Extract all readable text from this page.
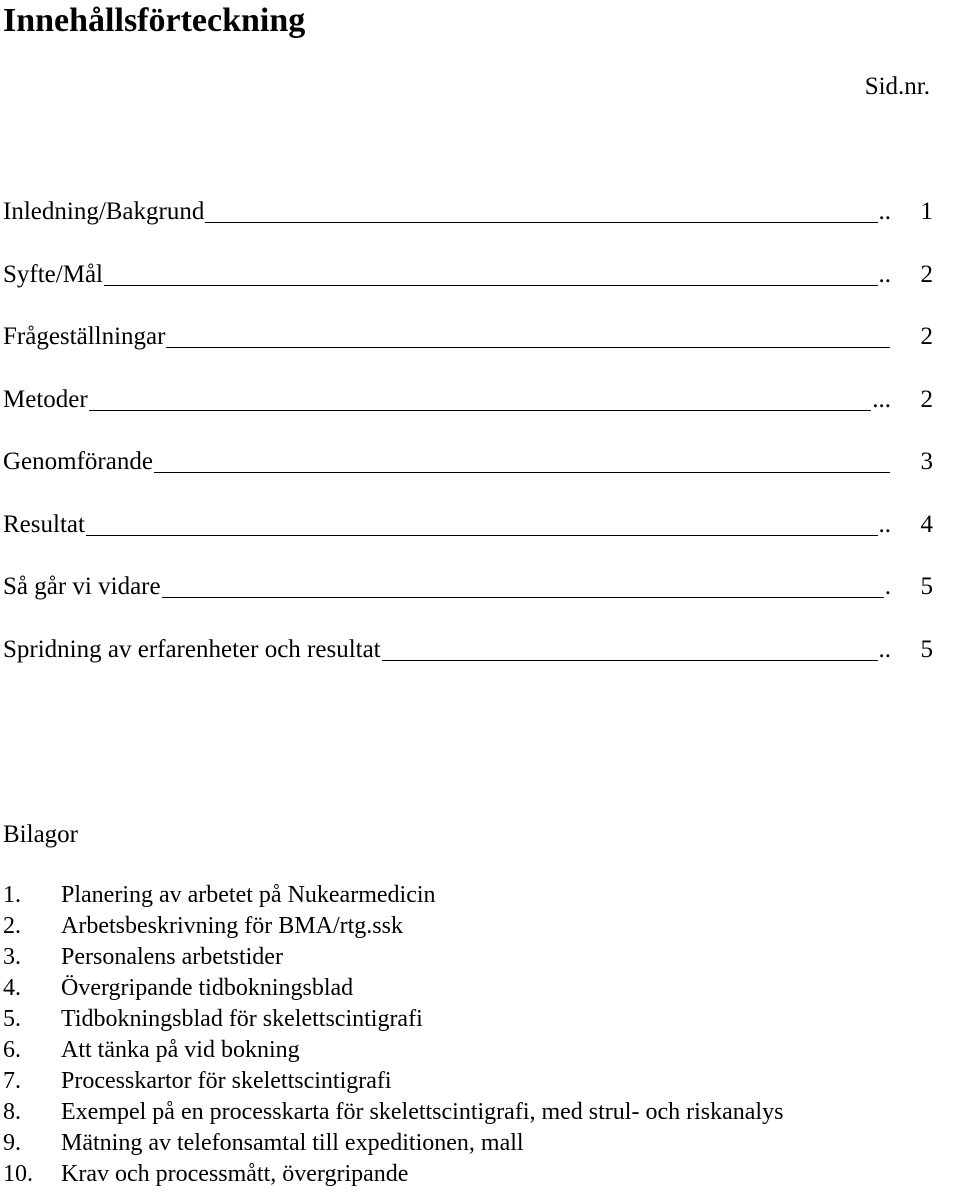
Innehållsförteckning
Sid.nr.
Inledning/Bakgrund	..	1
Syfte/Mål	..	2
Frågeställningar	2
Metoder	...	2
Genomförande	3
Resultat	..	4
Så går vi vidare	.	5
Spridning av erfarenheter och resultat	..	5
Bilagor
1.	Planering av arbetet på Nukearmedicin
2.	Arbetsbeskrivning för BMA/rtg.ssk
3.	Personalens arbetstider
4.	Övergripande tidbokningsblad
5.	Tidbokningsblad för skelettscintigrafi
6.	Att tänka på vid bokning
7.	Processkartor för skelettscintigrafi
8.	Exempel på en processkarta för skelettscintigrafi, med strul- och riskanalys
9.	Mätning av telefonsamtal till expeditionen, mall
10.	Krav och processmått, övergripande
